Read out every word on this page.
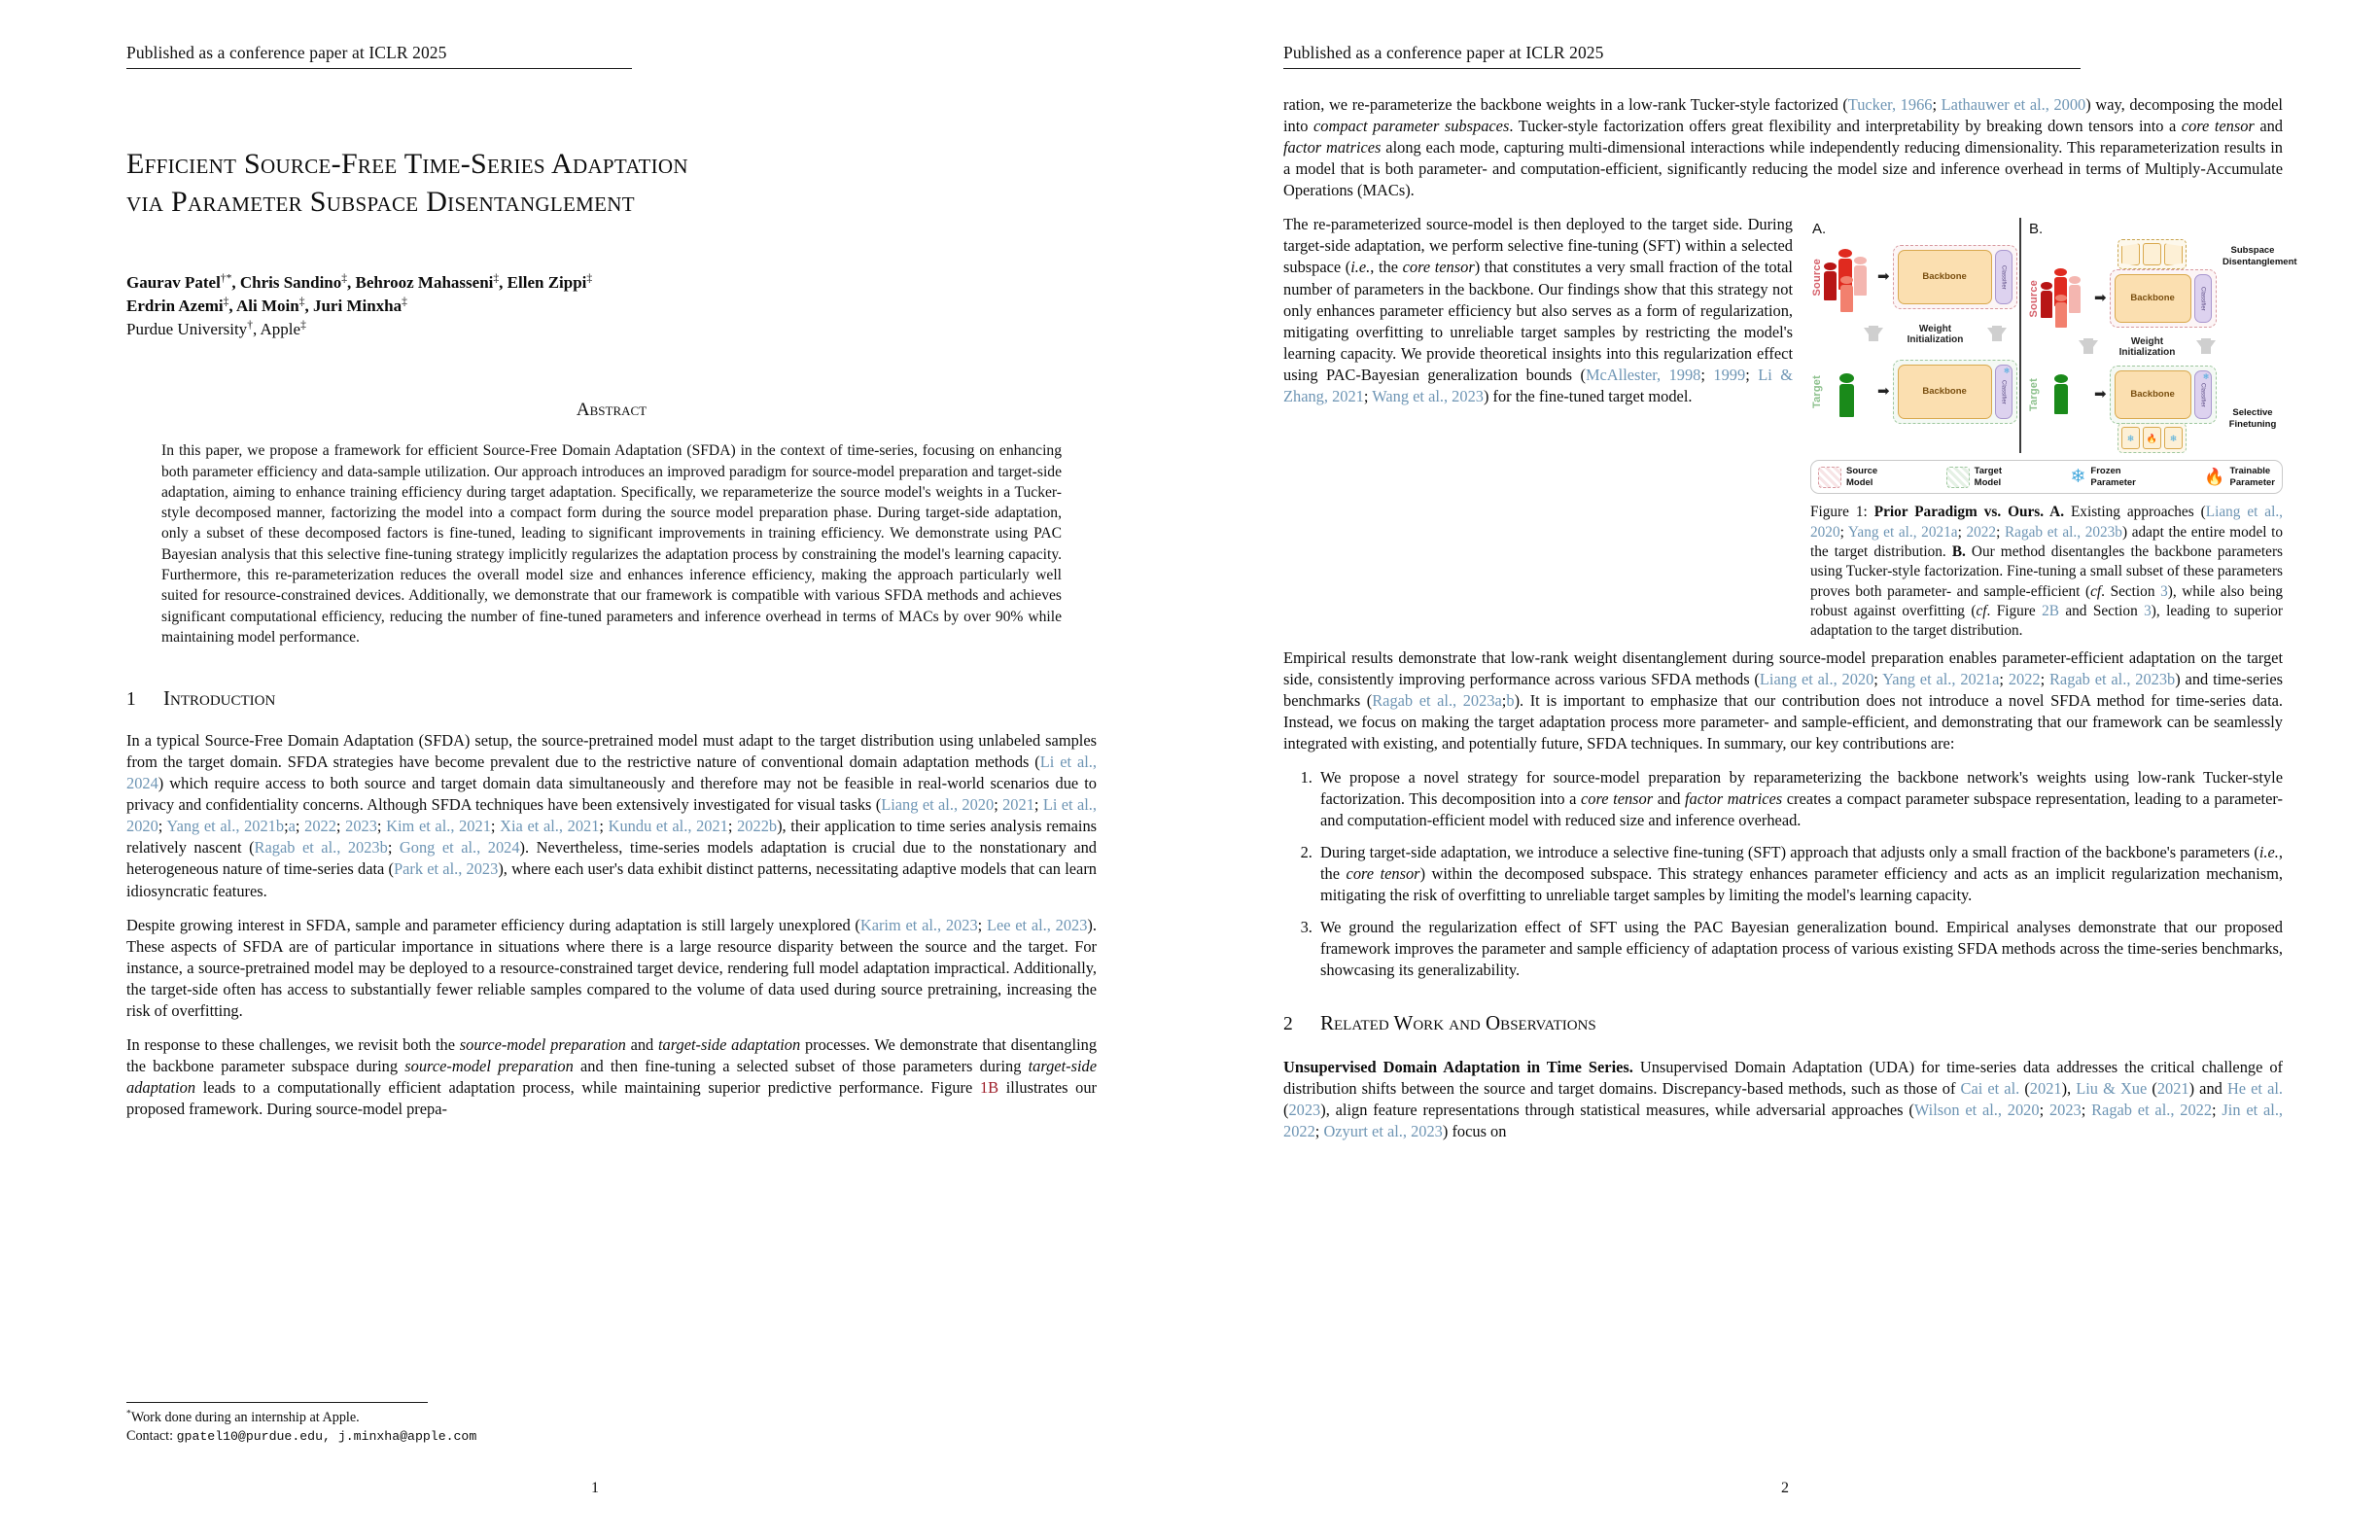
Published as a conference paper at ICLR 2025
Efficient Source-Free Time-Series Adaptation
via Parameter Subspace Disentanglement
Gaurav Patel†*, Chris Sandino‡, Behrooz Mahasseni‡, Ellen Zippi‡
Erdrin Azemi‡, Ali Moin‡, Juri Minxha‡
Purdue University†, Apple‡
Abstract

In this paper, we propose a framework for efficient Source-Free Domain Adaptation (SFDA) in the context of time-series, focusing on enhancing both parameter efficiency and data-sample utilization. Our approach introduces an improved paradigm for source-model preparation and target-side adaptation, aiming to enhance training efficiency during target adaptation. Specifically, we reparameterize the source model's weights in a Tucker-style decomposed manner, factorizing the model into a compact form during the source model preparation phase. During target-side adaptation, only a subset of these decomposed factors is fine-tuned, leading to significant improvements in training efficiency. We demonstrate using PAC Bayesian analysis that this selective fine-tuning strategy implicitly regularizes the adaptation process by constraining the model's learning capacity. Furthermore, this re-parameterization reduces the overall model size and enhances inference efficiency, making the approach particularly well suited for resource-constrained devices. Additionally, we demonstrate that our framework is compatible with various SFDA methods and achieves significant computational efficiency, reducing the number of fine-tuned parameters and inference overhead in terms of MACs by over 90% while maintaining model performance.

1 Introduction

In a typical Source-Free Domain Adaptation (SFDA) setup, the source-pretrained model must adapt to the target distribution using unlabeled samples from the target domain. SFDA strategies have become prevalent due to the restrictive nature of conventional domain adaptation methods (Li et al., 2024) which require access to both source and target domain data simultaneously and therefore may not be feasible in real-world scenarios due to privacy and confidentiality concerns. Although SFDA techniques have been extensively investigated for visual tasks (Liang et al., 2020; 2021; Li et al., 2020; Yang et al., 2021b;a; 2022; 2023; Kim et al., 2021; Xia et al., 2021; Kundu et al., 2021; 2022b), their application to time series analysis remains relatively nascent (Ragab et al., 2023b; Gong et al., 2024). Nevertheless, time-series models adaptation is crucial due to the nonstationary and heterogeneous nature of time-series data (Park et al., 2023), where each user's data exhibit distinct patterns, necessitating adaptive models that can learn idiosyncratic features.

Despite growing interest in SFDA, sample and parameter efficiency during adaptation is still largely unexplored (Karim et al., 2023; Lee et al., 2023). These aspects of SFDA are of particular importance in situations where there is a large resource disparity between the source and the target. For instance, a source-pretrained model may be deployed to a resource-constrained target device, rendering full model adaptation impractical. Additionally, the target-side often has access to substantially fewer reliable samples compared to the volume of data used during source pretraining, increasing the risk of overfitting.

In response to these challenges, we revisit both the source-model preparation and target-side adaptation processes. We demonstrate that disentangling the backbone parameter subspace during source-model preparation and then fine-tuning a selected subset of those parameters during target-side adaptation leads to a computationally efficient adaptation process, while maintaining superior predictive performance. Figure 1B illustrates our proposed framework. During source-model prepa-

*Work done during an internship at Apple.
Contact: gpatel10@purdue.edu, j.minxha@apple.com
1
Published as a conference paper at ICLR 2025

ration, we re-parameterize the backbone weights in a low-rank Tucker-style factorized (Tucker, 1966; Lathauwer et al., 2000) way, decomposing the model into compact parameter subspaces. Tucker-style factorization offers great flexibility and interpretability by breaking down tensors into a core tensor and factor matrices along each mode, capturing multi-dimensional interactions while independently reducing dimensionality. This reparameterization results in a model that is both parameter- and computation-efficient, significantly reducing the model size and inference overhead in terms of Multiply-Accumulate Operations (MACs).

A.
Source	➡	Backbone	Classifier
Weight
Initialization
Target	➡	Backbone	Classifier
❄
B.
Source	➡	Backbone	Classifier
Subspace
Disentanglement
Weight
Initialization
Target	➡	Backbone	Classifier
❄
❄ 🔥 ❄
Selective
Finetuning
Source
Model
Target
Model	❄ Frozen
Parameter	🔥 Trainable
Parameter
Figure 1: Prior Paradigm vs. Ours. A. Existing approaches (Liang et al., 2020; Yang et al., 2021a; 2022; Ragab et al., 2023b) adapt the entire model to the target distribution. B. Our method disentangles the backbone parameters using Tucker-style factorization. Fine-tuning a small subset of these parameters proves both parameter- and sample-efficient (cf. Section 3), while also being robust against overfitting (cf. Figure 2B and Section 3), leading to superior adaptation to the target distribution.

The re-parameterized source-model is then deployed to the target side. During target-side adaptation, we perform selective fine-tuning (SFT) within a selected subspace (i.e., the core tensor) that constitutes a very small fraction of the total number of parameters in the backbone. Our findings show that this strategy not only enhances parameter efficiency but also serves as a form of regularization, mitigating overfitting to unreliable target samples by restricting the model's learning capacity. We provide theoretical insights into this regularization effect using PAC-Bayesian generalization bounds (McAllester, 1998; 1999; Li & Zhang, 2021; Wang et al., 2023) for the fine-tuned target model.

Empirical results demonstrate that low-rank weight disentanglement during source-model preparation enables parameter-efficient adaptation on the target side, consistently improving performance across various SFDA methods (Liang et al., 2020; Yang et al., 2021a; 2022; Ragab et al., 2023b) and time-series benchmarks (Ragab et al., 2023a;b). It is important to emphasize that our contribution does not introduce a novel SFDA method for time-series data. Instead, we focus on making the target adaptation process more parameter- and sample-efficient, and demonstrating that our framework can be seamlessly integrated with existing, and potentially future, SFDA techniques. In summary, our key contributions are:

1. We propose a novel strategy for source-model preparation by reparameterizing the backbone network's weights using low-rank Tucker-style factorization. This decomposition into a core tensor and factor matrices creates a compact parameter subspace representation, leading to a parameter- and computation-efficient model with reduced size and inference overhead.
2. During target-side adaptation, we introduce a selective fine-tuning (SFT) approach that adjusts only a small fraction of the backbone's parameters (i.e., the core tensor) within the decomposed subspace. This strategy enhances parameter efficiency and acts as an implicit regularization mechanism, mitigating the risk of overfitting to unreliable target samples by limiting the model's learning capacity.
3. We ground the regularization effect of SFT using the PAC Bayesian generalization bound. Empirical analyses demonstrate that our proposed framework improves the parameter and sample efficiency of adaptation process of various existing SFDA methods across the time-series benchmarks, showcasing its generalizability.
2 Related Work and Observations

Unsupervised Domain Adaptation in Time Series. Unsupervised Domain Adaptation (UDA) for time-series data addresses the critical challenge of distribution shifts between the source and target domains. Discrepancy-based methods, such as those of Cai et al. (2021), Liu & Xue (2021) and He et al. (2023), align feature representations through statistical measures, while adversarial approaches (Wilson et al., 2020; 2023; Ragab et al., 2022; Jin et al., 2022; Ozyurt et al., 2023) focus on

2
